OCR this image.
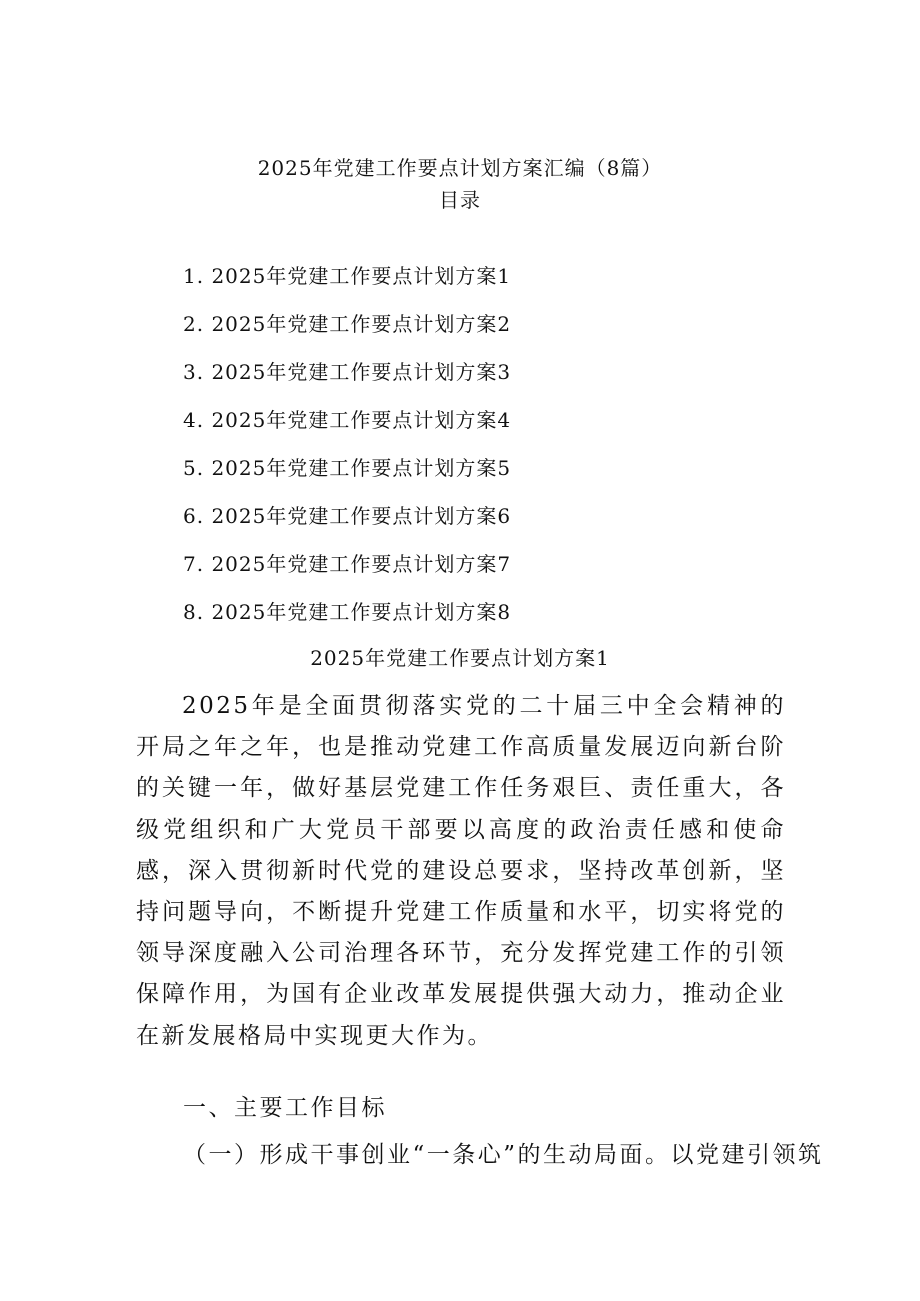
2025年党建工作要点计划方案汇编（8篇）
目录
1. 2025年党建工作要点计划方案1
2. 2025年党建工作要点计划方案2
3. 2025年党建工作要点计划方案3
4. 2025年党建工作要点计划方案4
5. 2025年党建工作要点计划方案5
6. 2025年党建工作要点计划方案6
7. 2025年党建工作要点计划方案7
8. 2025年党建工作要点计划方案8
2025年党建工作要点计划方案1

2025年是全面贯彻落实党的二十届三中全会精神的开局之年之年，也是推动党建工作高质量发展迈向新台阶的关键一年，做好基层党建工作任务艰巨、责任重大，各级党组织和广大党员干部要以高度的政治责任感和使命感，深入贯彻新时代党的建设总要求，坚持改革创新，坚持问题导向，不断提升党建工作质量和水平，切实将党的领导深度融入公司治理各环节，充分发挥党建工作的引领保障作用，为国有企业改革发展提供强大动力，推动企业在新发展格局中实现更大作为。

一、主要工作目标

（一）形成干事创业“一条心”的生动局面。以党建引领筑
